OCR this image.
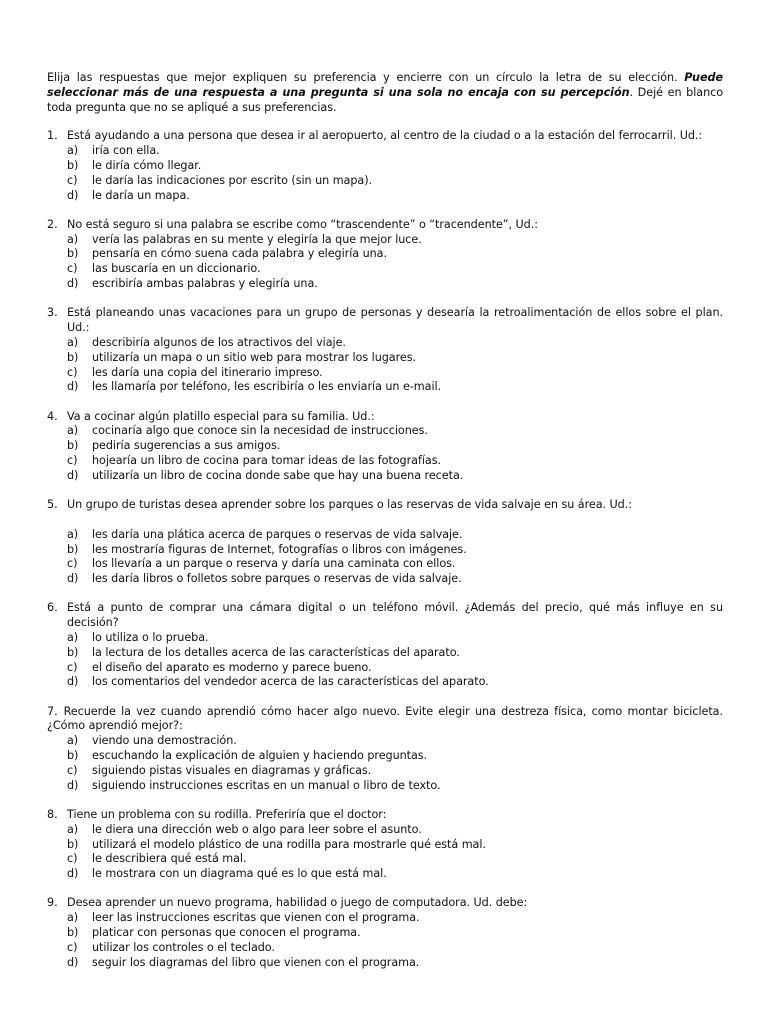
Elija las respuestas que mejor expliquen su preferencia y encierre con un círculo la letra de su elección. Puede seleccionar más de una respuesta a una pregunta si una sola no encaja con su percepción. Dejé en blanco toda pregunta que no se apliqué a sus preferencias.

1. Está ayudando a una persona que desea ir al aeropuerto, al centro de la ciudad o a la estación del ferrocarril. Ud.:
a)	iría con ella.
b)	le diría cómo llegar.
c)	le daría las indicaciones por escrito (sin un mapa).
d)	le daría un mapa.
2. No está seguro si una palabra se escribe como “trascendente” o “tracendente”, Ud.:
a)	vería las palabras en su mente y elegiría la que mejor luce.
b)	pensaría en cómo suena cada palabra y elegiría una.
c)	las buscaría en un diccionario.
d)	escribiría ambas palabras y elegiría una.
3. Está planeando unas vacaciones para un grupo de personas y desearía la retroalimentación de ellos sobre el plan. Ud.:
a)	describiría algunos de los atractivos del viaje.
b)	utilizaría un mapa o un sitio web para mostrar los lugares.
c)	les daría una copia del itinerario impreso.
d)	les llamaría por teléfono, les escribiría o les enviaría un e-mail.
4. Va a cocinar algún platillo especial para su familia. Ud.:
a)	cocinaría algo que conoce sin la necesidad de instrucciones.
b)	pediría sugerencias a sus amigos.
c)	hojearía un libro de cocina para tomar ideas de las fotografías.
d)	utilizaría un libro de cocina donde sabe que hay una buena receta.
5. Un grupo de turistas desea aprender sobre los parques o las reservas de vida salvaje en su área. Ud.:
a)	les daría una plática acerca de parques o reservas de vida salvaje.
b)	les mostraría figuras de Internet, fotografías o libros con imágenes.
c)	los llevaría a un parque o reserva y daría una caminata con ellos.
d)	les daría libros o folletos sobre parques o reservas de vida salvaje.
6. Está a punto de comprar una cámara digital o un teléfono móvil. ¿Además del precio, qué más influye en su decisión?
a)	lo utiliza o lo prueba.
b)	la lectura de los detalles acerca de las características del aparato.
c)	el diseño del aparato es moderno y parece bueno.
d)	los comentarios del vendedor acerca de las características del aparato.
7. Recuerde la vez cuando aprendió cómo hacer algo nuevo. Evite elegir una destreza física, como montar bicicleta. ¿Cómo aprendió mejor?:
a)	viendo una demostración.
b)	escuchando la explicación de alguien y haciendo preguntas.
c)	siguiendo pistas visuales en diagramas y gráficas.
d)	siguiendo instrucciones escritas en un manual o libro de texto.
8. Tiene un problema con su rodilla. Preferiría que el doctor:
a)	le diera una dirección web o algo para leer sobre el asunto.
b)	utilizará el modelo plástico de una rodilla para mostrarle qué está mal.
c)	le describiera qué está mal.
d)	le mostrara con un diagrama qué es lo que está mal.
9. Desea aprender un nuevo programa, habilidad o juego de computadora. Ud. debe:
a)	leer las instrucciones escritas que vienen con el programa.
b)	platicar con personas que conocen el programa.
c)	utilizar los controles o el teclado.
d)	seguir los diagramas del libro que vienen con el programa.
